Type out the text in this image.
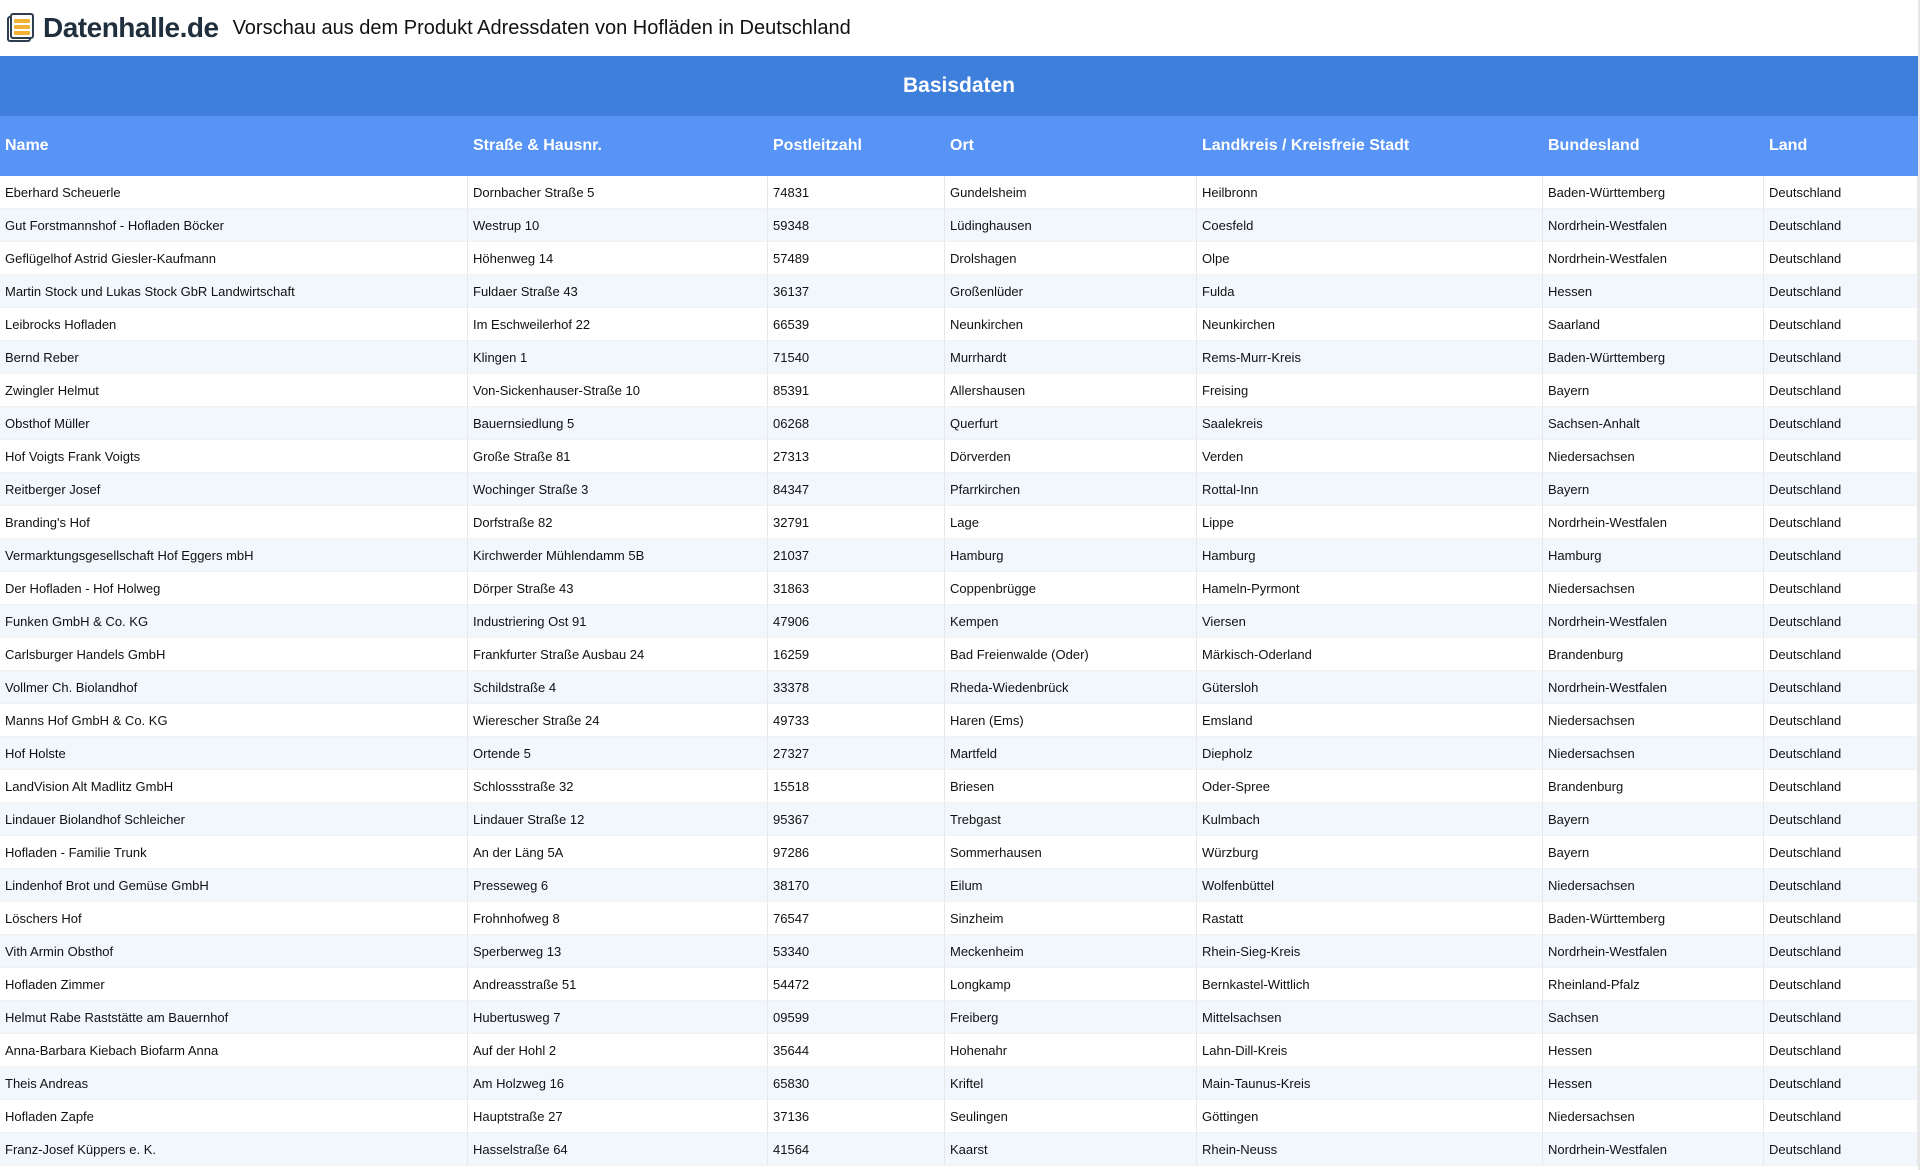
Datenhalle.de Vorschau aus dem Produkt Adressdaten von Hofläden in Deutschland
Basisdaten
Name	Straße & Hausnr.	Postleitzahl	Ort	Landkreis / Kreisfreie Stadt	Bundesland	Land
Eberhard Scheuerle	Dornbacher Straße 5	74831	Gundelsheim	Heilbronn	Baden-Württemberg	Deutschland
Gut Forstmannshof - Hofladen Böcker	Westrup 10	59348	Lüdinghausen	Coesfeld	Nordrhein-Westfalen	Deutschland
Geflügelhof Astrid Giesler-Kaufmann	Höhenweg 14	57489	Drolshagen	Olpe	Nordrhein-Westfalen	Deutschland
Martin Stock und Lukas Stock GbR Landwirtschaft	Fuldaer Straße 43	36137	Großenlüder	Fulda	Hessen	Deutschland
Leibrocks Hofladen	Im Eschweilerhof 22	66539	Neunkirchen	Neunkirchen	Saarland	Deutschland
Bernd Reber	Klingen 1	71540	Murrhardt	Rems-Murr-Kreis	Baden-Württemberg	Deutschland
Zwingler Helmut	Von-Sickenhauser-Straße 10	85391	Allershausen	Freising	Bayern	Deutschland
Obsthof Müller	Bauernsiedlung 5	06268	Querfurt	Saalekreis	Sachsen-Anhalt	Deutschland
Hof Voigts Frank Voigts	Große Straße 81	27313	Dörverden	Verden	Niedersachsen	Deutschland
Reitberger Josef	Wochinger Straße 3	84347	Pfarrkirchen	Rottal-Inn	Bayern	Deutschland
Branding's Hof	Dorfstraße 82	32791	Lage	Lippe	Nordrhein-Westfalen	Deutschland
Vermarktungsgesellschaft Hof Eggers mbH	Kirchwerder Mühlendamm 5B	21037	Hamburg	Hamburg	Hamburg	Deutschland
Der Hofladen - Hof Holweg	Dörper Straße 43	31863	Coppenbrügge	Hameln-Pyrmont	Niedersachsen	Deutschland
Funken GmbH & Co. KG	Industriering Ost 91	47906	Kempen	Viersen	Nordrhein-Westfalen	Deutschland
Carlsburger Handels GmbH	Frankfurter Straße Ausbau 24	16259	Bad Freienwalde (Oder)	Märkisch-Oderland	Brandenburg	Deutschland
Vollmer Ch. Biolandhof	Schildstraße 4	33378	Rheda-Wiedenbrück	Gütersloh	Nordrhein-Westfalen	Deutschland
Manns Hof GmbH & Co. KG	Wierescher Straße 24	49733	Haren (Ems)	Emsland	Niedersachsen	Deutschland
Hof Holste	Ortende 5	27327	Martfeld	Diepholz	Niedersachsen	Deutschland
LandVision Alt Madlitz GmbH	Schlossstraße 32	15518	Briesen	Oder-Spree	Brandenburg	Deutschland
Lindauer Biolandhof Schleicher	Lindauer Straße 12	95367	Trebgast	Kulmbach	Bayern	Deutschland
Hofladen - Familie Trunk	An der Läng 5A	97286	Sommerhausen	Würzburg	Bayern	Deutschland
Lindenhof Brot und Gemüse GmbH	Presseweg 6	38170	Eilum	Wolfenbüttel	Niedersachsen	Deutschland
Löschers Hof	Frohnhofweg 8	76547	Sinzheim	Rastatt	Baden-Württemberg	Deutschland
Vith Armin Obsthof	Sperberweg 13	53340	Meckenheim	Rhein-Sieg-Kreis	Nordrhein-Westfalen	Deutschland
Hofladen Zimmer	Andreasstraße 51	54472	Longkamp	Bernkastel-Wittlich	Rheinland-Pfalz	Deutschland
Helmut Rabe Raststätte am Bauernhof	Hubertusweg 7	09599	Freiberg	Mittelsachsen	Sachsen	Deutschland
Anna-Barbara Kiebach Biofarm Anna	Auf der Hohl 2	35644	Hohenahr	Lahn-Dill-Kreis	Hessen	Deutschland
Theis Andreas	Am Holzweg 16	65830	Kriftel	Main-Taunus-Kreis	Hessen	Deutschland
Hofladen Zapfe	Hauptstraße 27	37136	Seulingen	Göttingen	Niedersachsen	Deutschland
Franz-Josef Küppers e. K.	Hasselstraße 64	41564	Kaarst	Rhein-Neuss	Nordrhein-Westfalen	Deutschland
